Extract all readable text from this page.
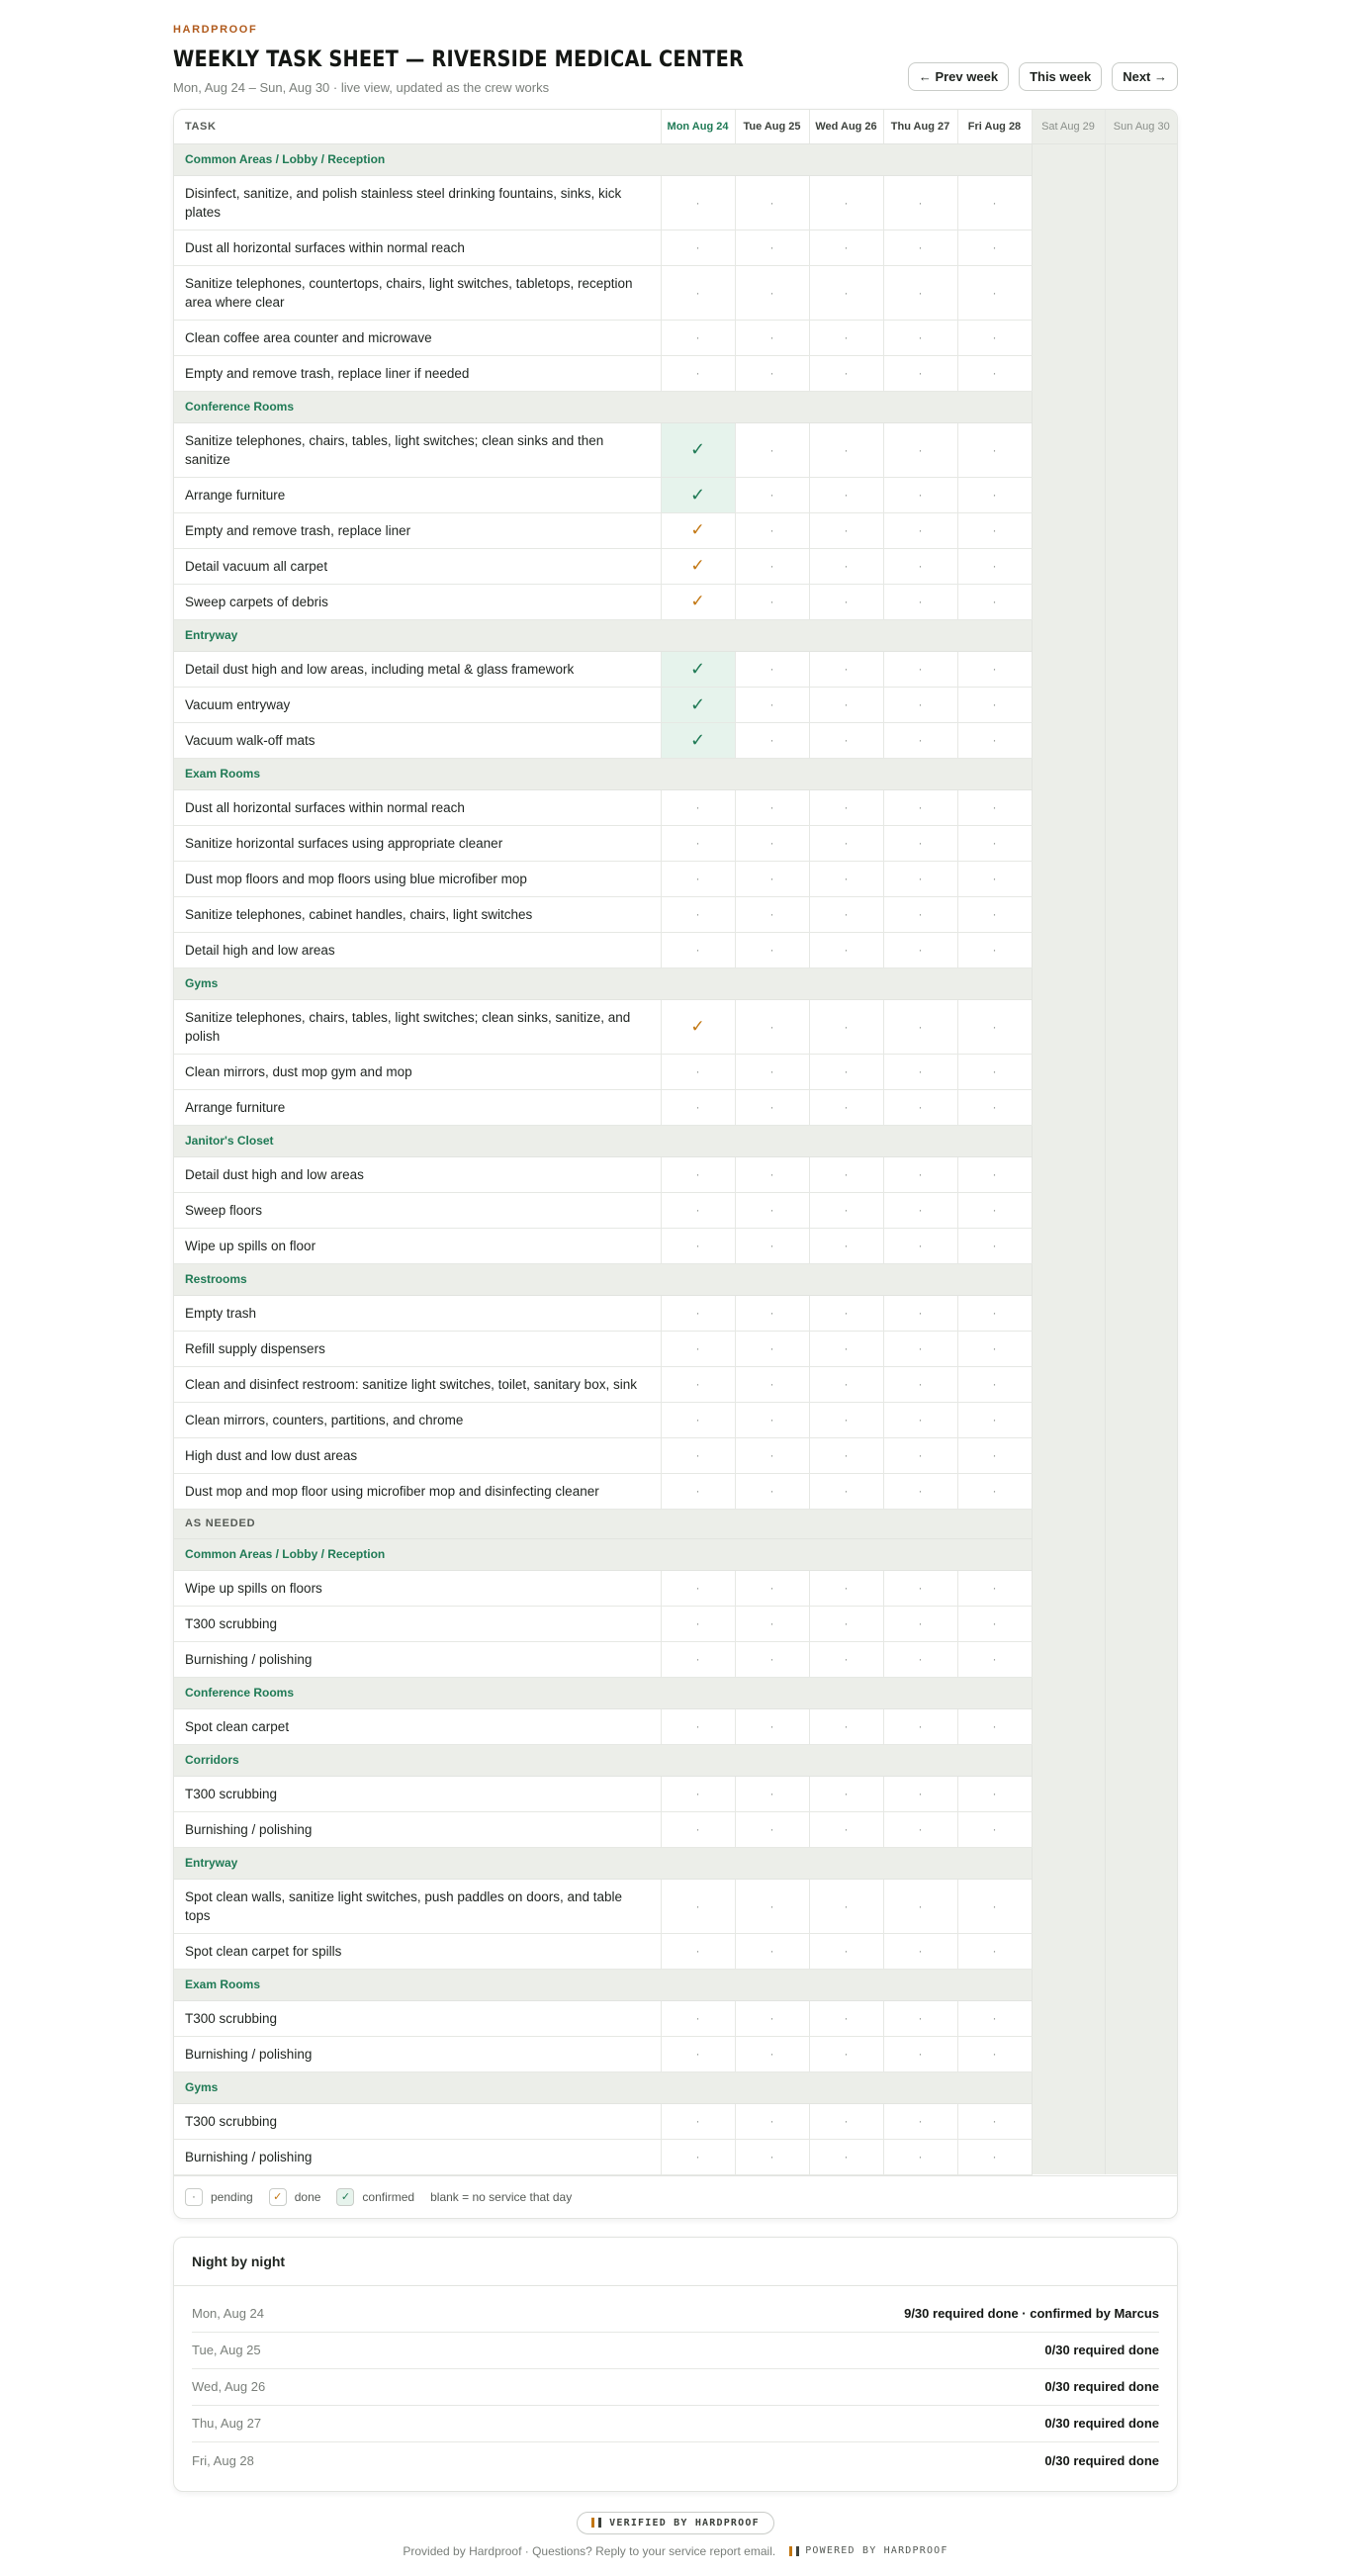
HARDPROOF
WEEKLY TASK SHEET — RIVERSIDE MEDICAL CENTER
Mon, Aug 24 – Sun, Aug 30 · live view, updated as the crew works
← Prev week	This week	Next →
TASK	Mon Aug 24	Tue Aug 25	Wed Aug 26	Thu Aug 27	Fri Aug 28	Sat Aug 29	Sun Aug 30
Common Areas / Lobby / Reception							
Disinfect, sanitize, and polish stainless steel drinking fountains, sinks, kick plates	·	·	·	·	·		
Dust all horizontal surfaces within normal reach	·	·	·	·	·		
Sanitize telephones, countertops, chairs, light switches, tabletops, reception area where clear	·	·	·	·	·		
Clean coffee area counter and microwave	·	·	·	·	·		
Empty and remove trash, replace liner if needed	·	·	·	·	·		
Conference Rooms							
Sanitize telephones, chairs, tables, light switches; clean sinks and then sanitize	✓	·	·	·	·		
Arrange furniture	✓	·	·	·	·		
Empty and remove trash, replace liner	✓	·	·	·	·		
Detail vacuum all carpet	✓	·	·	·	·		
Sweep carpets of debris	✓	·	·	·	·		
Entryway							
Detail dust high and low areas, including metal & glass framework	✓	·	·	·	·		
Vacuum entryway	✓	·	·	·	·		
Vacuum walk-off mats	✓	·	·	·	·		
Exam Rooms							
Dust all horizontal surfaces within normal reach	·	·	·	·	·		
Sanitize horizontal surfaces using appropriate cleaner	·	·	·	·	·		
Dust mop floors and mop floors using blue microfiber mop	·	·	·	·	·		
Sanitize telephones, cabinet handles, chairs, light switches	·	·	·	·	·		
Detail high and low areas	·	·	·	·	·		
Gyms							
Sanitize telephones, chairs, tables, light switches; clean sinks, sanitize, and polish	✓	·	·	·	·		
Clean mirrors, dust mop gym and mop	·	·	·	·	·		
Arrange furniture	·	·	·	·	·		
Janitor's Closet							
Detail dust high and low areas	·	·	·	·	·		
Sweep floors	·	·	·	·	·		
Wipe up spills on floor	·	·	·	·	·		
Restrooms							
Empty trash	·	·	·	·	·		
Refill supply dispensers	·	·	·	·	·		
Clean and disinfect restroom: sanitize light switches, toilet, sanitary box, sink	·	·	·	·	·		
Clean mirrors, counters, partitions, and chrome	·	·	·	·	·		
High dust and low dust areas	·	·	·	·	·		
Dust mop and mop floor using microfiber mop and disinfecting cleaner	·	·	·	·	·		
AS NEEDED							
Common Areas / Lobby / Reception							
Wipe up spills on floors	·	·	·	·	·		
T300 scrubbing	·	·	·	·	·		
Burnishing / polishing	·	·	·	·	·		
Conference Rooms							
Spot clean carpet	·	·	·	·	·		
Corridors							
T300 scrubbing	·	·	·	·	·		
Burnishing / polishing	·	·	·	·	·		
Entryway							
Spot clean walls, sanitize light switches, push paddles on doors, and table tops	·	·	·	·	·		
Spot clean carpet for spills	·	·	·	·	·		
Exam Rooms							
T300 scrubbing	·	·	·	·	·		
Burnishing / polishing	·	·	·	·	·		
Gyms							
T300 scrubbing	·	·	·	·	·		
Burnishing / polishing	·	·	·	·	·		
·	pending	✓	done	✓	confirmed blank = no service that day
Night by night
Mon, Aug 24	9/30 required done · confirmed by Marcus
Tue, Aug 25	0/30 required done
Wed, Aug 26	0/30 required done
Thu, Aug 27	0/30 required done
Fri, Aug 28	0/30 required done
VERIFIED BY HARDPROOF
Provided by Hardproof · Questions? Reply to your service report email.	POWERED BY HARDPROOF
